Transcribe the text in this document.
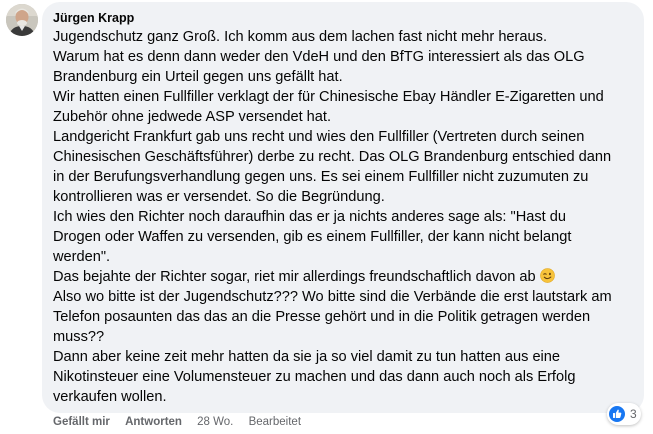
Jürgen Krapp
Jugendschutz ganz Groß. Ich komm aus dem lachen fast nicht mehr heraus.
Warum hat es denn dann weder den VdeH und den BfTG interessiert als das OLG
Brandenburg ein Urteil gegen uns gefällt hat.
Wir hatten einen Fullfiller verklagt der für Chinesische Ebay Händler E-Zigaretten und
Zubehör ohne jedwede ASP versendet hat.
Landgericht Frankfurt gab uns recht und wies den Fullfiller (Vertreten durch seinen
Chinesischen Geschäftsführer) derbe zu recht. Das OLG Brandenburg entschied dann
in der Berufungsverhandlung gegen uns. Es sei einem Fullfiller nicht zuzumuten zu
kontrollieren was er versendet. So die Begründung.
Ich wies den Richter noch daraufhin das er ja nichts anderes sage als: "Hast du
Drogen oder Waffen zu versenden, gib es einem Fullfiller, der kann nicht belangt
werden".
Das bejahte der Richter sogar, riet mir allerdings freundschaftlich davon ab
Also wo bitte ist der Jugendschutz??? Wo bitte sind die Verbände die erst lautstark am
Telefon posaunten das das an die Presse gehört und in die Politik getragen werden
muss??
Dann aber keine zeit mehr hatten da sie ja so viel damit zu tun hatten aus eine
Nikotinsteuer eine Volumensteuer zu machen und das dann auch noch als Erfolg
verkaufen wollen.
Gefällt mir Antworten 28 Wo. Bearbeitet
3
